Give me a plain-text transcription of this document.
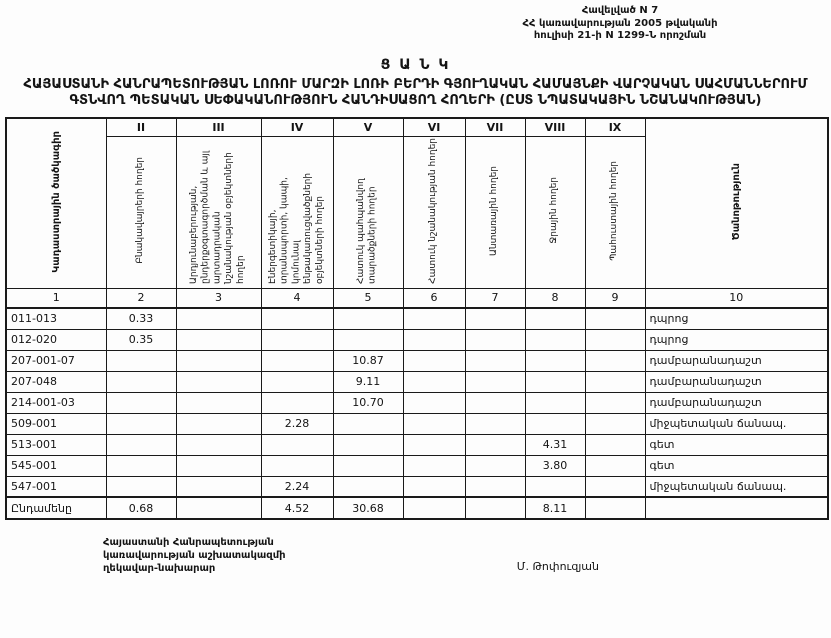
Հավելված N 7
ՀՀ կառավարության 2005 թվականի
հուլիսի 21-ի N 1299-Ն որոշման
Ց Ա Ն Կ
ՀԱՅԱՍՏԱՆԻ ՀԱՆՐԱՊԵՏՈՒԹՅԱՆ ԼՈՌՈՒ ՄԱՐԶԻ ԼՈՌԻ ԲԵՐԴԻ ԳՅՈՒՂԱԿԱՆ ՀԱՄԱՅՆՔԻ ՎԱՐՉԱԿԱՆ ՍԱՀՄԱՆՆԵՐՈՒՄ ԳՏՆՎՈՂ ՊԵՏԱԿԱՆ ՍԵՓԱԿԱՆՈՒԹՅՈՒՆ ՀԱՆԴԻՍԱՑՈՂ ՀՈՂԵՐԻ (ԸՍՏ ՆՊԱՏԱԿԱՅԻՆ ՆՇԱՆԱԿՈՒԹՅԱՆ)
Կադաստրային ծածկագիր	II	III	IV	V	VI	VII	VIII	IX	Ծանոթություն
	Բնակավայրերի հողեր	Արդյունաբերության, ընդերքօգտագործման և այլ արտադրական նշանակության օբյեկտների հողեր	Էներգետիկայի, տրանսպորտի, կապի, կոմունալ ենթակառուցվածքների օբյեկտների հողեր	Հատուկ պահպանվող տարածքների հողեր	Հատուկ նշանակության հողեր	Անտառային հողեր	Ջրային հողեր	Պահուստային հողեր	
1	2	3	4	5	6	7	8	9	10
011-013	0.33								դպրոց
012-020	0.35								դպրոց
207-001-07				10.87					դամբարանադաշտ
207-048				9.11					դամբարանադաշտ
214-001-03				10.70					դամբարանադաշտ
509-001			2.28						միջպետական ճանապ.
513-001							4.31		գետ
545-001							3.80		գետ
547-001			2.24						միջպետական ճանապ.
Ընդամենը	0.68		4.52	30.68			8.11		
Հայաստանի Հանրապետության
կառավարության աշխատակազմի
ղեկավար-նախարար	Մ. Թոփուզյան
